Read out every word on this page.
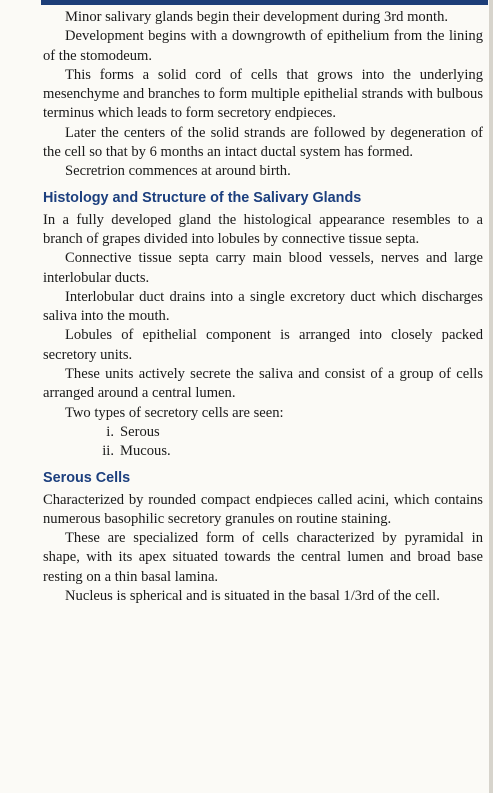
Minor salivary glands begin their development during 3rd month.

Development begins with a downgrowth of epithelium from the lining of the stomodeum.

This forms a solid cord of cells that grows into the underlying mesenchyme and branches to form multiple epithelial strands with bulbous terminus which leads to form secretory endpieces.

Later the centers of the solid strands are followed by degeneration of the cell so that by 6 months an intact ductal system has formed.

Secretrion commences at around birth.

Histology and Structure of the Salivary Glands

In a fully developed gland the histological appearance resembles to a branch of grapes divided into lobules by connective tissue septa.

Connective tissue septa carry main blood vessels, nerves and large interlobular ducts.

Interlobular duct drains into a single excretory duct which discharges saliva into the mouth.

Lobules of epithelial component is arranged into closely packed secretory units.

These units actively secrete the saliva and consist of a group of cells arranged around a central lumen.

Two types of secretory cells are seen:

i. Serous
ii. Mucous.
Serous Cells

Characterized by rounded compact endpieces called acini, which contains numerous basophilic secretory granules on routine staining.

These are specialized form of cells characterized by pyramidal in shape, with its apex situated towards the central lumen and broad base resting on a thin basal lamina.

Nucleus is spherical and is situated in the basal 1/3rd of the cell.
